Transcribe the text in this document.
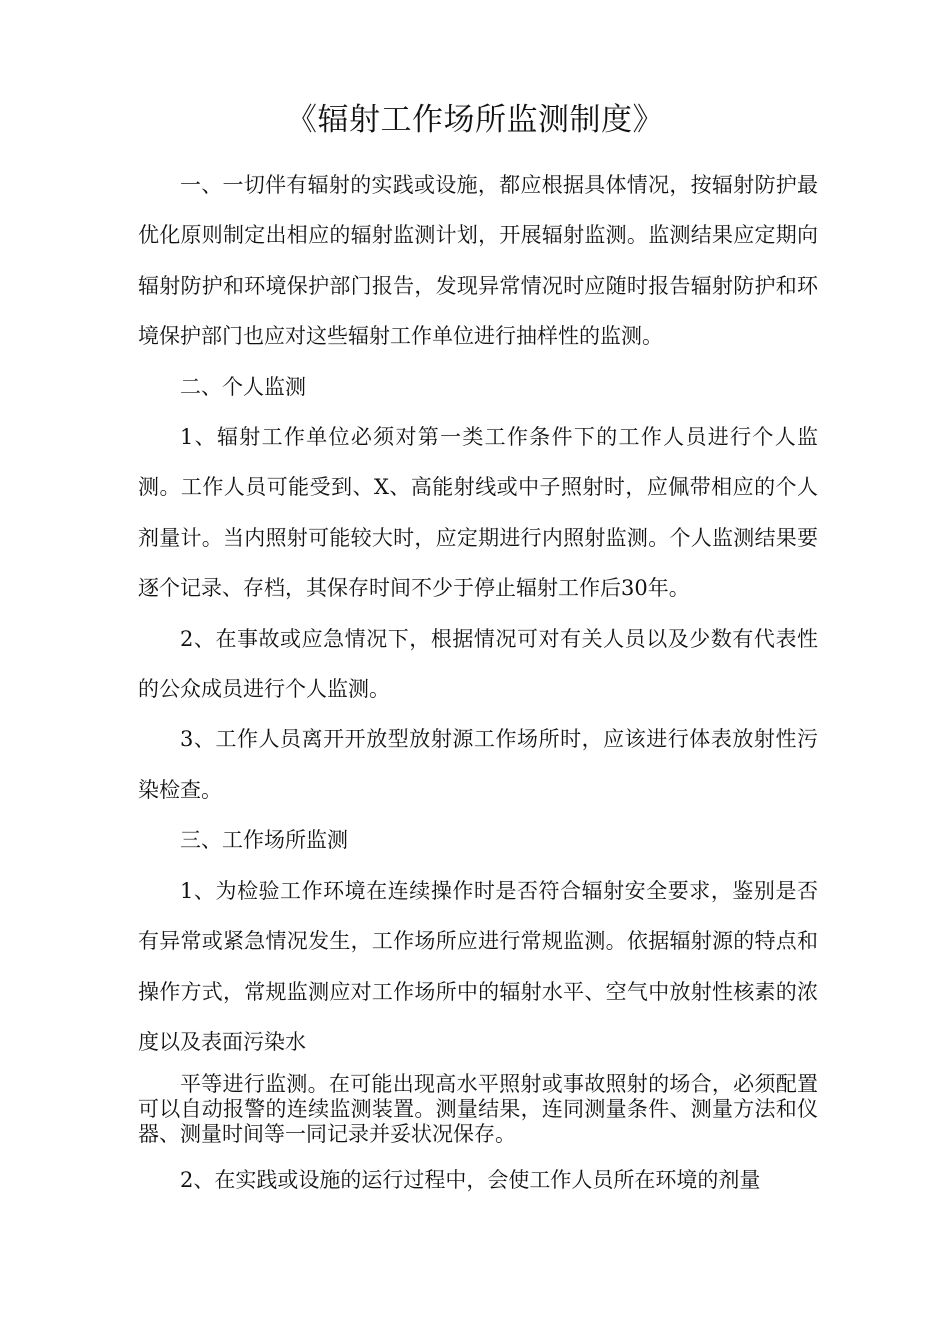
《辐射工作场所监测制度》

一、一切伴有辐射的实践或设施，都应根据具体情况，按辐射防护最优化原则制定出相应的辐射监测计划，开展辐射监测。监测结果应定期向辐射防护和环境保护部门报告，发现异常情况时应随时报告辐射防护和环境保护部门也应对这些辐射工作单位进行抽样性的监测。

二、个人监测

1、辐射工作单位必须对第一类工作条件下的工作人员进行个人监测。工作人员可能受到、X、高能射线或中子照射时，应佩带相应的个人剂量计。当内照射可能较大时，应定期进行内照射监测。个人监测结果要逐个记录、存档，其保存时间不少于停止辐射工作后30年。

2、在事故或应急情况下，根据情况可对有关人员以及少数有代表性的公众成员进行个人监测。

3、工作人员离开开放型放射源工作场所时，应该进行体表放射性污染检查。

三、工作场所监测

1、为检验工作环境在连续操作时是否符合辐射安全要求，鉴别是否有异常或紧急情况发生，工作场所应进行常规监测。依据辐射源的特点和操作方式，常规监测应对工作场所中的辐射水平、空气中放射性核素的浓度以及表面污染水

平等进行监测。在可能出现高水平照射或事故照射的场合，必须配置可以自动报警的连续监测装置。测量结果，连同测量条件、测量方法和仪器、测量时间等一同记录并妥状况保存。

2、在实践或设施的运行过程中，会使工作人员所在环境的剂量
